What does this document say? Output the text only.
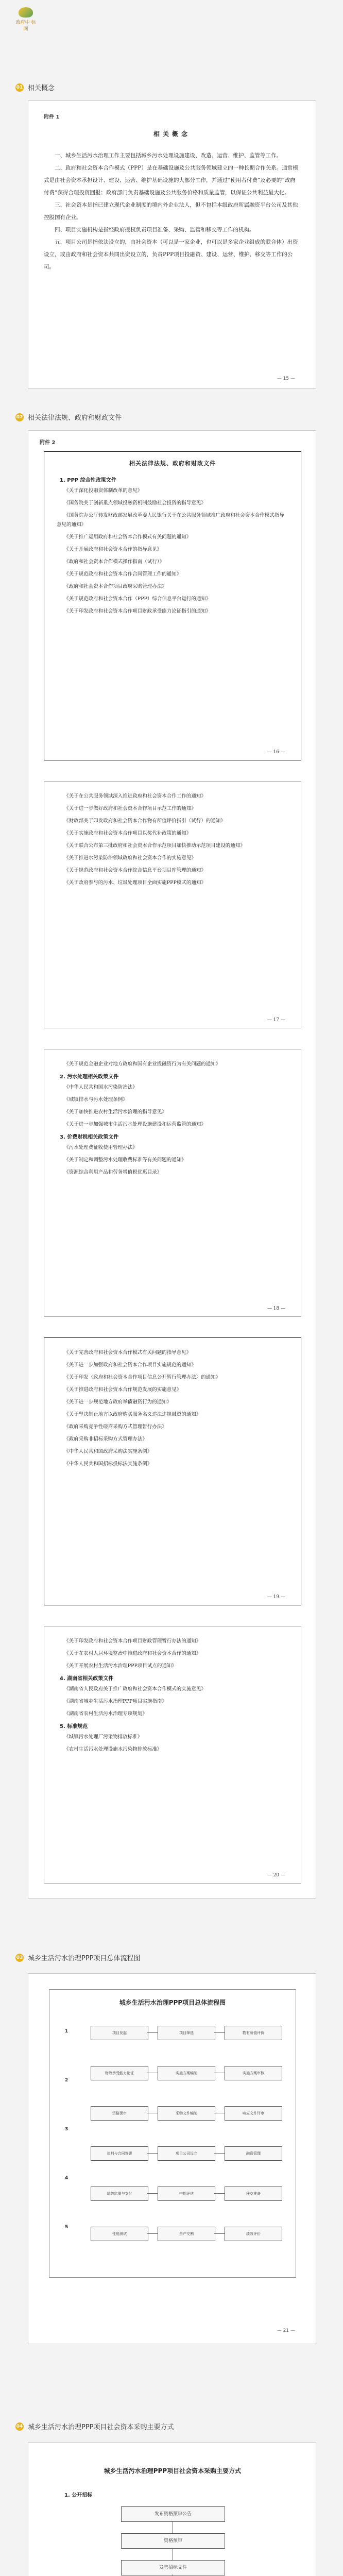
政府中 标网
01 相关概念
附件 1
相关概念

一、城乡生活污水治理工作主要包括城乡污水处理设施建设、改造、运营、维护、监管等工作。

二、政府和社会资本合作模式（PPP）是在基础设施及公共服务领域建立的一种长期合作关系。通常模式是由社会资本承担设计、建设、运营、维护基础设施的大部分工作，并通过“使用者付费”及必要的“政府付费”获得合理投资回报；政府部门负责基础设施及公共服务价格和质量监管，以保证公共利益最大化。

三、社会资本是指已建立现代企业制度的境内外企业法人，但不包括本级政府所属融资平台公司及其他控股国有企业。

四、项目实施机构是指经政府授权负责项目准备、采购、监管和移交等工作的机构。

五、项目公司是指依法设立的，由社会资本（可以是一家企业，也可以是多家企业组成的联合体）出资设立，或由政府和社会资本共同出资设立的，负责PPP项目投融资、建设、运营、维护、移交等工作的公司。

— 15 —
02 相关法律法规、政府和财政文件
附件 2
相关法律法规、政府和财政文件
1. PPP 综合性政策文件
《关于深化投融资体制改革的意见》
《国务院关于创新重点领域投融资机制鼓励社会投资的指导意见》
《国务院办公厅转发财政部发展改革委人民银行关于在公共服务领域推广政府和社会资本合作模式指导意见的通知》
《关于推广运用政府和社会资本合作模式有关问题的通知》
《关于开展政府和社会资本合作的指导意见》
《政府和社会资本合作模式操作指南（试行）》
《关于规范政府和社会资本合作合同管理工作的通知》
《政府和社会资本合作项目政府采购管理办法》
《关于规范政府和社会资本合作（PPP）综合信息平台运行的通知》
《关于印发政府和社会资本合作项目财政承受能力论证指引的通知》
— 16 —
《关于在公共服务领域深入推进政府和社会资本合作工作的通知》
《关于进一步做好政府和社会资本合作项目示范工作的通知》
《财政部关于印发政府和社会资本合作物有所值评价指引（试行）的通知》
《关于实施政府和社会资本合作项目以奖代补政策的通知》
《关于联合公布第三批政府和社会资本合作示范项目加快推动示范项目建设的通知》
《关于推进水污染防治领域政府和社会资本合作的实施意见》
《关于规范政府和社会资本合作综合信息平台项目库管理的通知》
《关于政府参与的污水、垃圾处理项目全面实施PPP模式的通知》
— 17 —
《关于规范金融企业对地方政府和国有企业投融资行为有关问题的通知》
2. 污水处理相关政策文件
《中华人民共和国水污染防治法》
《城镇排水与污水处理条例》
《关于加快推进农村生活污水治理的指导意见》
《关于进一步加强城市生活污水处理设施建设和运营监管的通知》
3. 价费财税相关政策文件
《污水处理费征收使用管理办法》
《关于制定和调整污水处理收费标准等有关问题的通知》
《资源综合利用产品和劳务增值税优惠目录》
— 18 —
《关于完善政府和社会资本合作模式有关问题的指导意见》
《关于进一步加强政府和社会资本合作项目实施规范的通知》
《关于印发〈政府和社会资本合作项目信息公开暂行管理办法〉的通知》
《关于推进政府和社会资本合作规范发展的实施意见》
《关于进一步规范地方政府举债融资行为的通知》
《关于坚决制止地方以政府购买服务名义违法违规融资的通知》
《政府采购竞争性磋商采购方式管理暂行办法》
《政府采购非招标采购方式管理办法》
《中华人民共和国政府采购法实施条例》
《中华人民共和国招标投标法实施条例》
— 19 —
《关于印发政府和社会资本合作项目财政管理暂行办法的通知》
《关于在农村人居环境整治中推进政府和社会资本合作的通知》
《关于开展农村生活污水治理PPP项目试点的通知》
4. 湖南省相关政策文件
《湖南省人民政府关于推广政府和社会资本合作模式的实施意见》
《湖南省城乡生活污水治理PPP项目实施指南》
《湖南省农村生活污水治理专项规划》
5. 标准规范
《城镇污水处理厂污染物排放标准》
《农村生活污水处理设施水污染物排放标准》
— 20 —
03 城乡生活污水治理PPP项目总体流程图
城乡生活污水治理PPP项目总体流程图
项目发起	项目筛选	物有所值评价
财政承受能力论证	实施方案编制	实施方案审核
资格预审	采购文件编制	响应文件评审
谈判与合同签署	项目公司设立	融资管理
绩效监测与支付	中期评估	移交准备
性能测试	资产交割	绩效评价
1
2
3
4
5
— 21 —
04 城乡生活污水治理PPP项目社会资本采购主要方式
城乡生活污水治理PPP项目社会资本采购主要方式
1. 公开招标
发布资格预审公告
资格预审
发售招标文件
